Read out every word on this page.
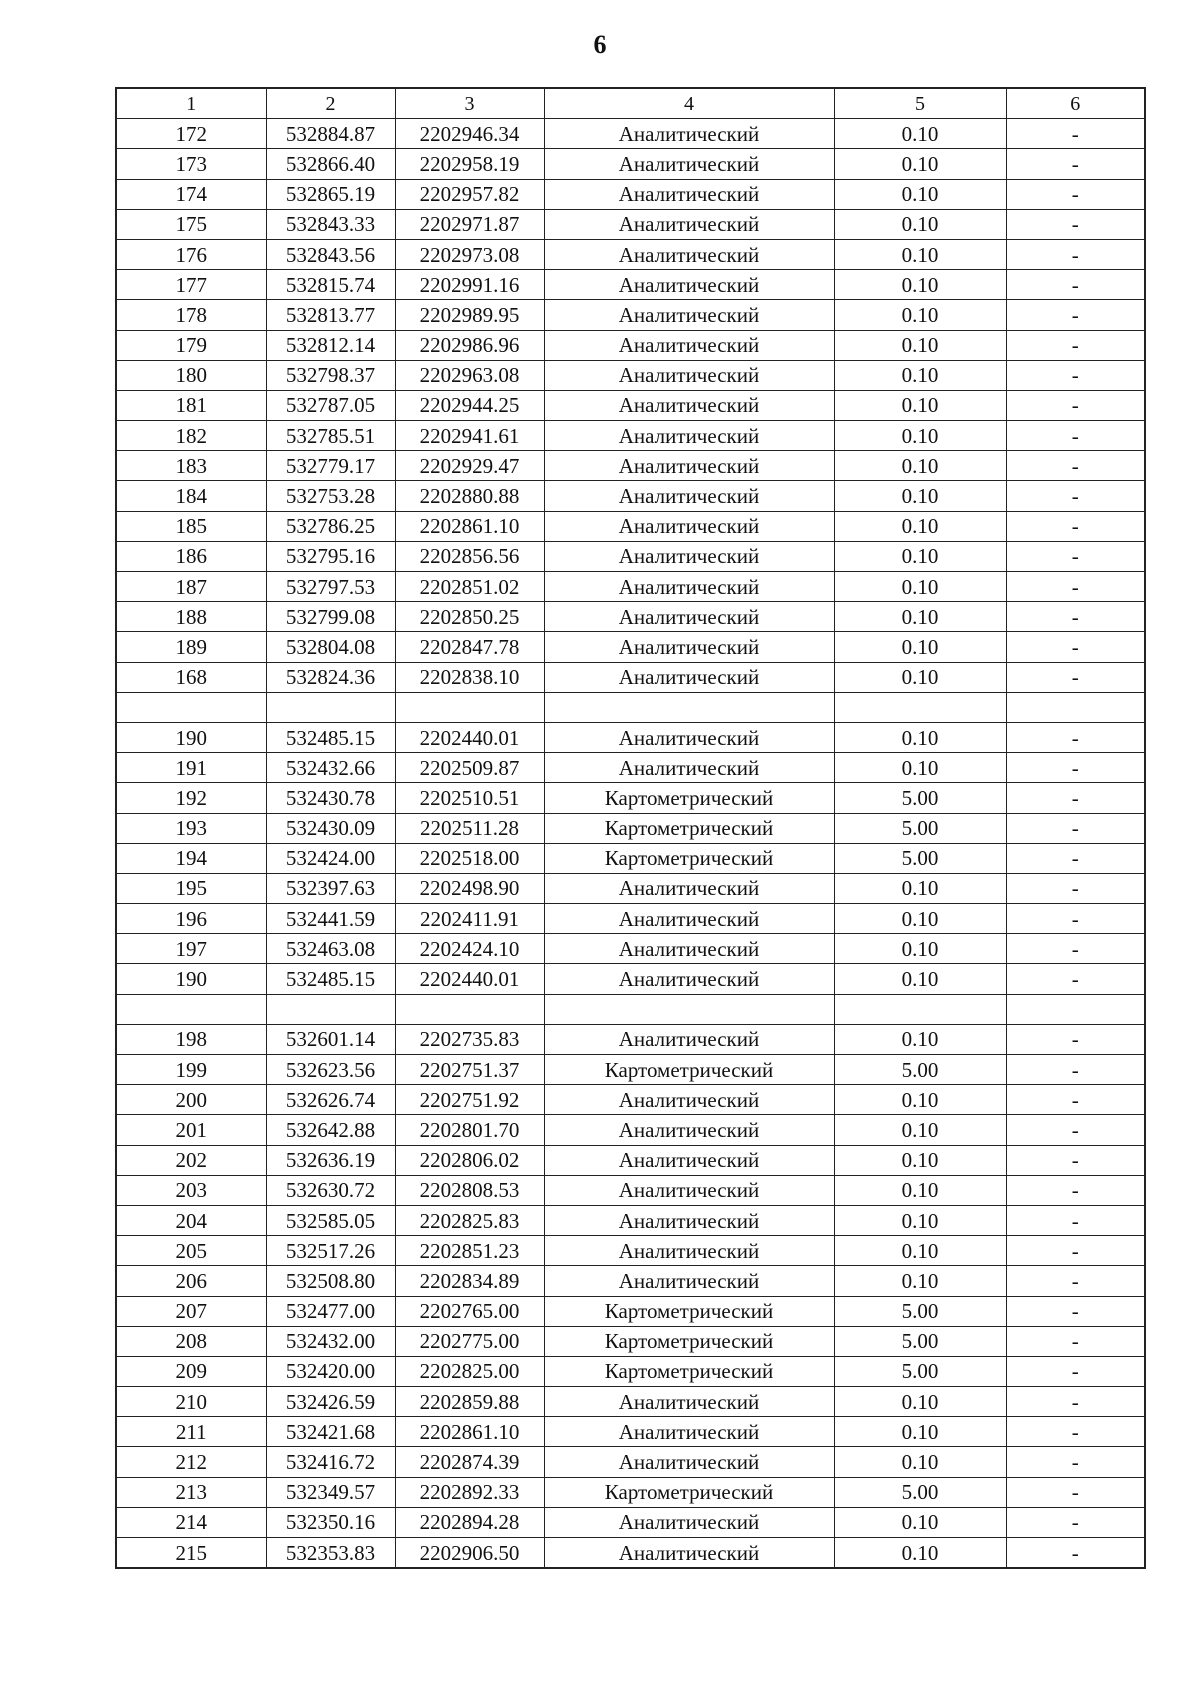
6
1	2	3	4	5	6
172	532884.87	2202946.34	Аналитический	0.10	-
173	532866.40	2202958.19	Аналитический	0.10	-
174	532865.19	2202957.82	Аналитический	0.10	-
175	532843.33	2202971.87	Аналитический	0.10	-
176	532843.56	2202973.08	Аналитический	0.10	-
177	532815.74	2202991.16	Аналитический	0.10	-
178	532813.77	2202989.95	Аналитический	0.10	-
179	532812.14	2202986.96	Аналитический	0.10	-
180	532798.37	2202963.08	Аналитический	0.10	-
181	532787.05	2202944.25	Аналитический	0.10	-
182	532785.51	2202941.61	Аналитический	0.10	-
183	532779.17	2202929.47	Аналитический	0.10	-
184	532753.28	2202880.88	Аналитический	0.10	-
185	532786.25	2202861.10	Аналитический	0.10	-
186	532795.16	2202856.56	Аналитический	0.10	-
187	532797.53	2202851.02	Аналитический	0.10	-
188	532799.08	2202850.25	Аналитический	0.10	-
189	532804.08	2202847.78	Аналитический	0.10	-
168	532824.36	2202838.10	Аналитический	0.10	-

190	532485.15	2202440.01	Аналитический	0.10	-
191	532432.66	2202509.87	Аналитический	0.10	-
192	532430.78	2202510.51	Картометрический	5.00	-
193	532430.09	2202511.28	Картометрический	5.00	-
194	532424.00	2202518.00	Картометрический	5.00	-
195	532397.63	2202498.90	Аналитический	0.10	-
196	532441.59	2202411.91	Аналитический	0.10	-
197	532463.08	2202424.10	Аналитический	0.10	-
190	532485.15	2202440.01	Аналитический	0.10	-

198	532601.14	2202735.83	Аналитический	0.10	-
199	532623.56	2202751.37	Картометрический	5.00	-
200	532626.74	2202751.92	Аналитический	0.10	-
201	532642.88	2202801.70	Аналитический	0.10	-
202	532636.19	2202806.02	Аналитический	0.10	-
203	532630.72	2202808.53	Аналитический	0.10	-
204	532585.05	2202825.83	Аналитический	0.10	-
205	532517.26	2202851.23	Аналитический	0.10	-
206	532508.80	2202834.89	Аналитический	0.10	-
207	532477.00	2202765.00	Картометрический	5.00	-
208	532432.00	2202775.00	Картометрический	5.00	-
209	532420.00	2202825.00	Картометрический	5.00	-
210	532426.59	2202859.88	Аналитический	0.10	-
211	532421.68	2202861.10	Аналитический	0.10	-
212	532416.72	2202874.39	Аналитический	0.10	-
213	532349.57	2202892.33	Картометрический	5.00	-
214	532350.16	2202894.28	Аналитический	0.10	-
215	532353.83	2202906.50	Аналитический	0.10	-
